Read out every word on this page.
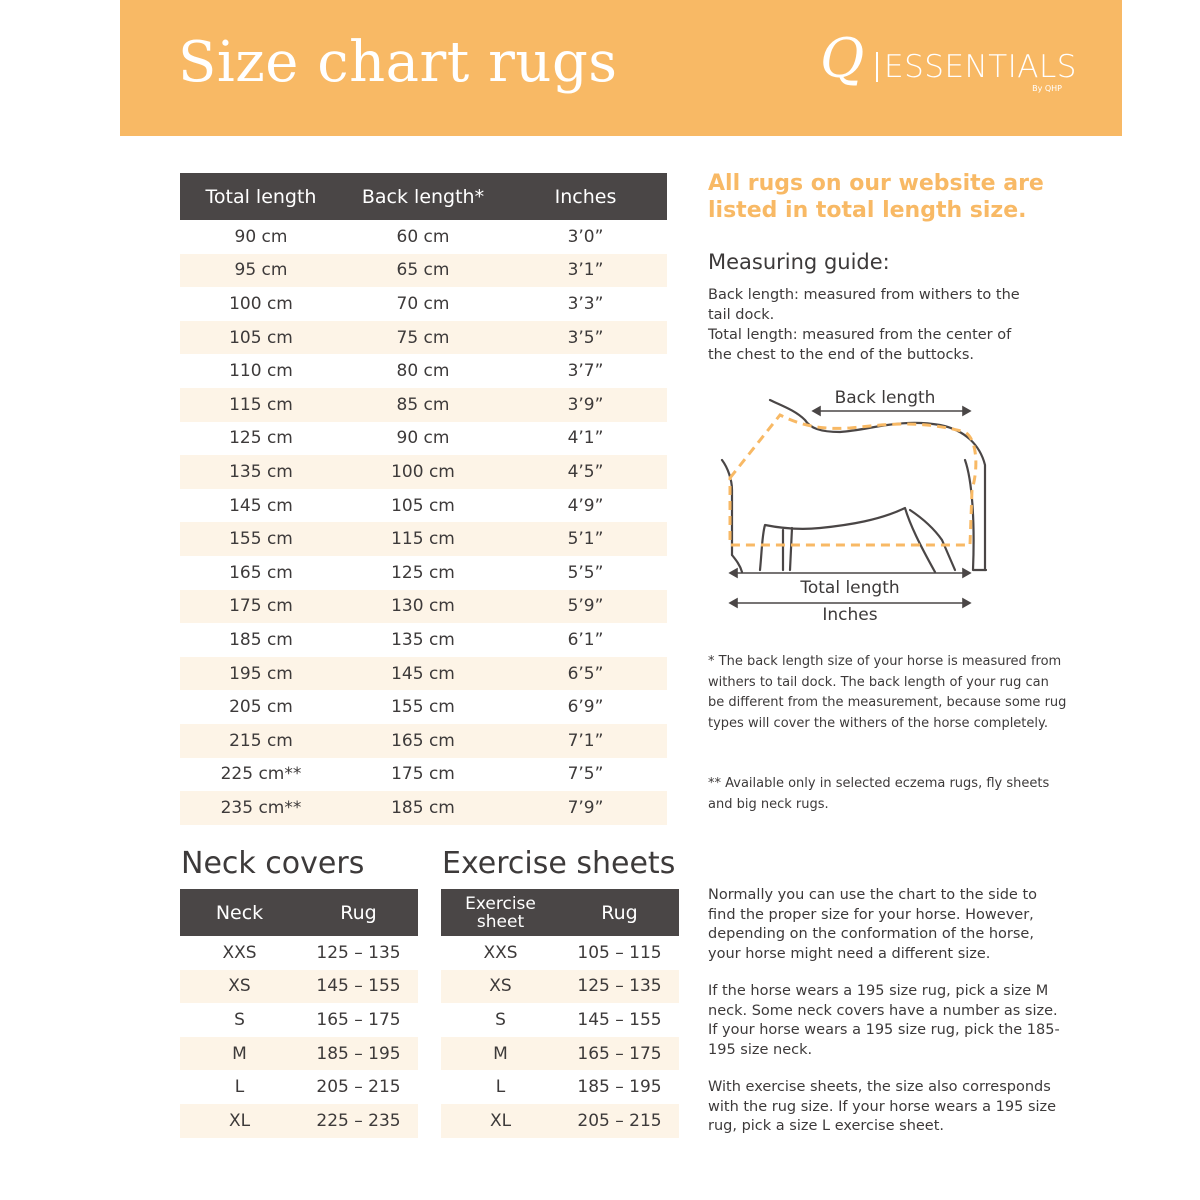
Size chart rugs	Q ESSENTIALS
By QHP
Total length	Back length*	Inches
90 cm	60 cm	3’0”
95 cm	65 cm	3’1”
100 cm	70 cm	3’3”
105 cm	75 cm	3’5”
110 cm	80 cm	3’7”
115 cm	85 cm	3’9”
125 cm	90 cm	4’1”
135 cm	100 cm	4’5”
145 cm	105 cm	4’9”
155 cm	115 cm	5’1”
165 cm	125 cm	5’5”
175 cm	130 cm	5’9”
185 cm	135 cm	6’1”
195 cm	145 cm	6’5”
205 cm	155 cm	6’9”
215 cm	165 cm	7’1”
225 cm**	175 cm	7’5”
235 cm**	185 cm	7’9”
Neck covers
Neck	Rug
XXS	125 – 135
XS	145 – 155
S	165 – 175
M	185 – 195
L	205 – 215
XL	225 – 235
Exercise sheets
Exercise sheet	Rug
XXS	105 – 115
XS	125 – 135
S	145 – 155
M	165 – 175
L	185 – 195
XL	205 – 215
All rugs on our website are listed in total length size.
Measuring guide:
Back length: measured from withers to the tail dock.
Total length: measured from the center of the chest to the end of the buttocks.
Back length
Total length
Inches
* The back length size of your horse is measured from withers to tail dock. The back length of your rug can be different from the measurement, because some rug types will cover the withers of the horse completely.
** Available only in selected eczema rugs, fly sheets and big neck rugs.
Normally you can use the chart to the side to find the proper size for your horse. However, depending on the conformation of the horse, your horse might need a different size.
If the horse wears a 195 size rug, pick a size M neck. Some neck covers have a number as size. If your horse wears a 195 size rug, pick the 185-195 size neck.
With exercise sheets, the size also corresponds with the rug size. If your horse wears a 195 size rug, pick a size L exercise sheet.
